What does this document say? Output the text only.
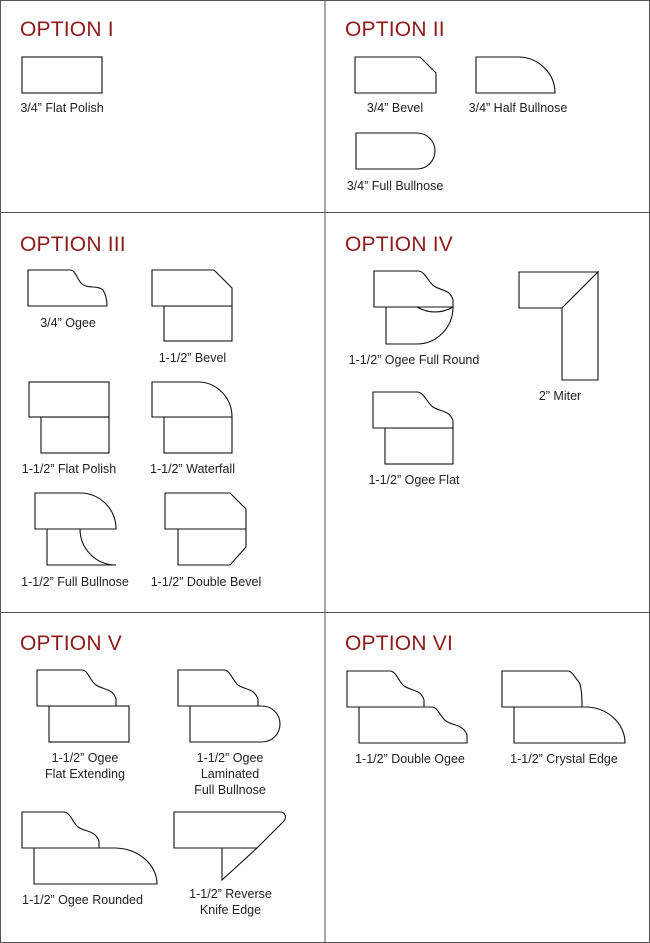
OPTION I	OPTION II
OPTION III	OPTION IV
OPTION V	OPTION VI
3/4” Flat Polish	3/4” Bevel	3/4” Half Bullnose
3/4” Full Bullnose
3/4” Ogee
1-1/2” Bevel
1-1/2” Flat Polish	1-1/2” Waterfall
1-1/2” Full Bullnose	1-1/2” Double Bevel
1-1/2” Ogee Full Round
2” Miter
1-1/2” Ogee Flat
1-1/2” Ogee
Flat Extending
1-1/2” Ogee
Laminated
Full Bullnose
1-1/2” Ogee Rounded	1-1/2” Reverse
Knife Edge
1-1/2” Double Ogee	1-1/2” Crystal Edge
